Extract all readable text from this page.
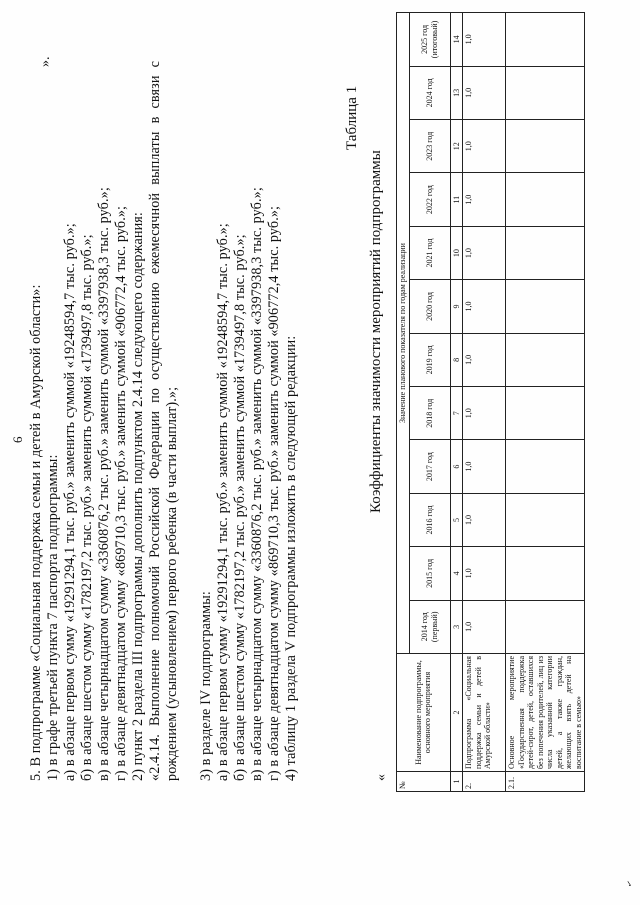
6
».
5. В подпрограмме «Социальная поддержка семьи и детей в Амурской области»: 1) в графе третьей пункта 7 паспорта подпрограммы: а) в абзаце первом сумму «19291294,1 тыс. руб.» заменить суммой «19248594,7 тыс. руб.»; б) в абзаце шестом сумму «1782197,2 тыс. руб.» заменить суммой «1739497,8 тыс. руб.»; в) в абзаце четырнадцатом сумму «3360876,2 тыс. руб.» заменить суммой «3397938,3 тыс. руб.»; г) в абзаце девятнадцатом сумму «869710,3 тыс. руб.» заменить суммой «906772,4 тыс. руб.»; 2) пункт 2 раздела III подпрограммы дополнить подпунктом 2.4.14 следующего содержания: «2.4.14. Выполнение полномочий Российской Федерации по осуществлению ежемесячной выплаты в связи с рождением (усыновлением) первого ребенка (в части выплат).»; 3) в разделе IV подпрограммы: а) в абзаце первом сумму «19291294,1 тыс. руб.» заменить суммой «19248594,7 тыс. руб.»; б) в абзаце шестом сумму «1782197,2 тыс. руб.» заменить суммой «1739497,8 тыс. руб.»; в) в абзаце четырнадцатом сумму «3360876,2 тыс. руб.» заменить суммой «3397938,3 тыс. руб.»; г) в абзаце девятнадцатом сумму «869710,3 тыс. руб.» заменить суммой «906772,4 тыс. руб.»; 4) таблицу 1 раздела V подпрограммы изложить в следующей редакции:
Таблица 1
«
Коэффициенты значимости мероприятий подпрограммы
№	Наименование подпрограммы, основного мероприятия	Значение планового показателя по годам реализации											
		2014 год (первый)	2015 год	2016 год	2017 год	2018 год	2019 год	2020 год	2021 год	2022 год	2023 год	2024 год	2025 год (итоговый)
1	2	3	4	5	6	7	8	9	10	11	12	13	14
2.	Подпрограмма «Социальная поддержка семьи и детей в Амурской области»	1,0	1,0	1,0	1,0	1,0	1,0	1,0	1,0	1,0	1,0	1,0	1,0
2.1.	Основное мероприятие «Государственная поддержка детей-сирот, детей, оставшихся без попечения родителей, лиц из числа указанной категории детей, а также граждан, желающих взять детей на воспитание в семью»												
✓
